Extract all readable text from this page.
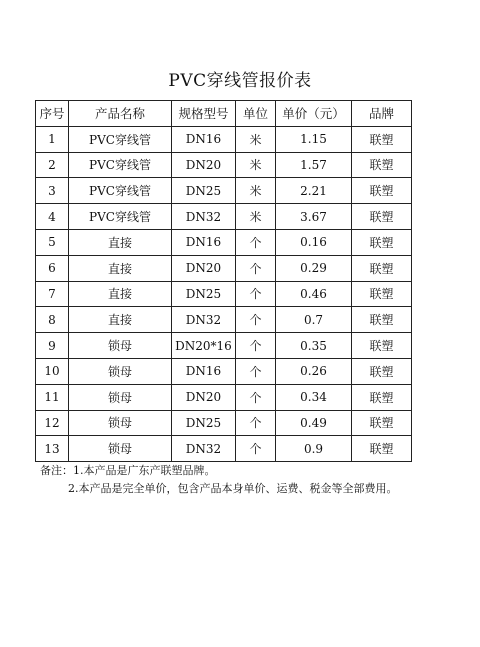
PVC穿线管报价表
序号	产品名称	规格型号	单位	单价（元）	品牌
1	PVC穿线管	DN16	米	1.15	联塑
2	PVC穿线管	DN20	米	1.57	联塑
3	PVC穿线管	DN25	米	2.21	联塑
4	PVC穿线管	DN32	米	3.67	联塑
5	直接	DN16	个	0.16	联塑
6	直接	DN20	个	0.29	联塑
7	直接	DN25	个	0.46	联塑
8	直接	DN32	个	0.7	联塑
9	锁母	DN20*16	个	0.35	联塑
10	锁母	DN16	个	0.26	联塑
11	锁母	DN20	个	0.34	联塑
12	锁母	DN25	个	0.49	联塑
13	锁母	DN32	个	0.9	联塑
备注：1.本产品是广东产联塑品牌。
2.本产品是完全单价，包含产品本身单价、运费、税金等全部费用。
